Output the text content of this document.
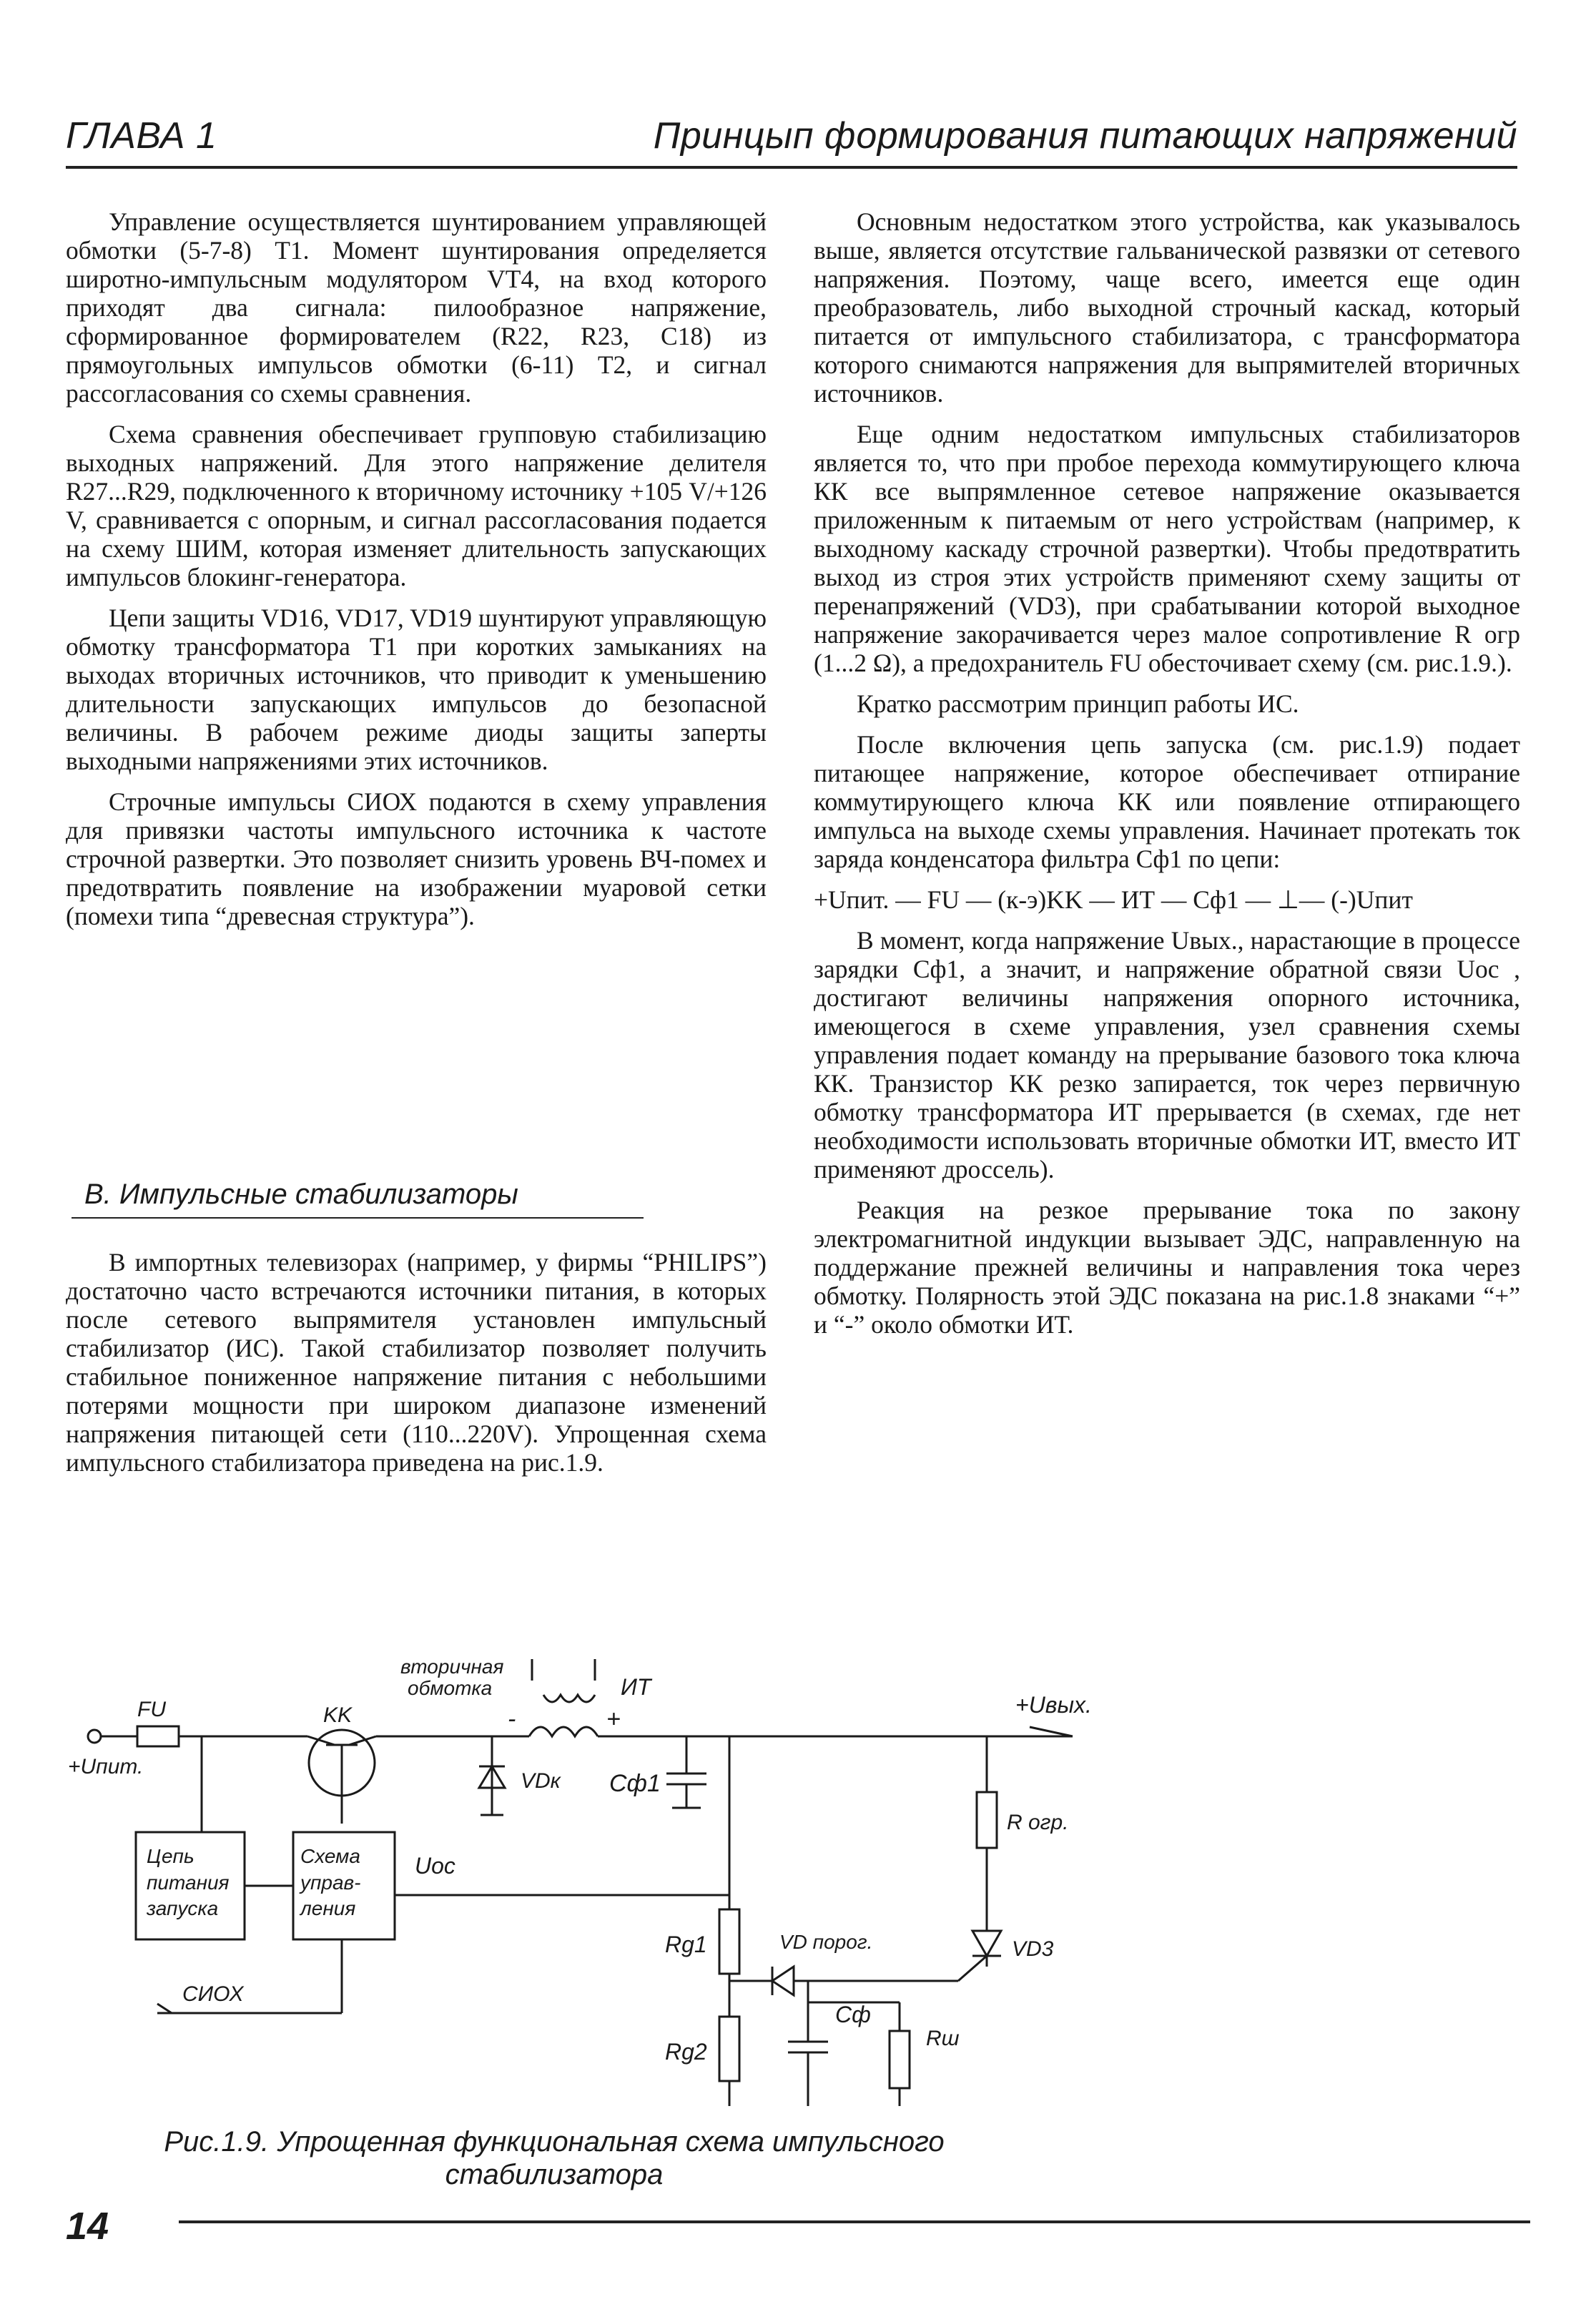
ГЛАВА 1	Принцып формирования питающих напряжений

Управление осуществляется шунтированием управляющей обмотки (5-7-8) T1. Момент шунтирования определяется широтно-импульсным модулятором VT4, на вход которого приходят два сигнала: пилообразное напряжение, сформированное формирователем (R22, R23, C18) из прямоугольных импульсов обмотки (6-11) T2, и сигнал рассогласования со схемы сравнения.

Схема сравнения обеспечивает групповую стабилизацию выходных напряжений. Для этого напряжение делителя R27...R29, подключенного к вторичному источнику +105 V/+126 V, сравнивается с опорным, и сигнал рассогласования подается на схему ШИМ, которая изменяет длительность запускающих импульсов блокинг-генератора.

Цепи защиты VD16, VD17, VD19 шунтируют управляющую обмотку трансформатора T1 при коротких замыканиях на выходах вторичных источников, что приводит к уменьшению длительности запускающих импульсов до безопасной величины. В рабочем режиме диоды защиты заперты выходными напряжениями этих источников.

Строчные импульсы СИОХ подаются в схему управления для привязки частоты импульсного источника к частоте строчной развертки. Это позволяет снизить уровень ВЧ-помех и предотвратить появление на изображении муаровой сетки (помехи типа “древесная структура”).

B. Импульсные стабилизаторы

В импортных телевизорах (например, у фирмы “PHILIPS”) достаточно часто встречаются источники питания, в которых после сетевого выпрямителя установлен импульсный стабилизатор (ИС). Такой стабилизатор позволяет получить стабильное пониженное напряжение питания с небольшими потерями мощности при широком диапазоне изменений напряжения питающей сети (110...220V). Упрощенная схема импульсного стабилизатора приведена на рис.1.9.

Основным недостатком этого устройства, как указывалось выше, является отсутствие гальванической развязки от сетевого напряжения. Поэтому, чаще всего, имеется еще один преобразователь, либо выходной строчный каскад, который питается от импульсного стабилизатора, с трансформатора которого снимаются напряжения для выпрямителей вторичных источников.

Еще одним недостатком импульсных стабилизаторов является то, что при пробое перехода коммутирующего ключа КК все выпрямленное сетевое напряжение оказывается приложенным к питаемым от него устройствам (например, к выходному каскаду строчной развертки). Чтобы предотвратить выход из строя этих устройств применяют схему защиты от перенапряжений (VD3), при срабатывании которой выходное напряжение закорачивается через малое сопротивление R огр (1...2 Ω), а предохранитель FU обесточивает схему (см. рис.1.9.).

Кратко рассмотрим принцип работы ИС.

После включения цепь запуска (см. рис.1.9) подает питающее напряжение, которое обеспечивает отпирание коммутирующего ключа КК или появление отпирающего импульса на выходе схемы управления. Начинает протекать ток заряда конденсатора фильтра Cф1 по цепи:

+Uпит. — FU — (к-э)KK — ИТ — Cф1 — ⊥— (-)Uпит

В момент, когда напряжение Uвых., нарастающие в процессе зарядки Cф1, а значит, и напряжение обратной связи Uoc , достигают величины напряжения опорного источника, имеющегося в схеме управления, узел сравнения схемы управления подает команду на прерывание базового тока ключа КК. Транзистор КК резко запирается, ток через первичную обмотку трансформатора ИТ прерывается (в схемах, где нет необходимости использовать вторичные обмотки ИТ, вместо ИТ применяют дроссель).

Реакция на резкое прерывание тока по закону электромагнитной индукции вызывает ЭДС, направленную на поддержание прежней величины и направления тока через обмотку. Полярность этой ЭДС показана на рис.1.8 знаками “+” и “-” около обмотки ИТ.

вторичная
обмотка	ИТ
FU	KK	+Uвых.
+Uпит.
-	+
VDк Cф1
R огр.
Цепь
питания
запуска
Схема
управ-
ления
Uос
Rg1	VD порог.	VD3
СИОХ
Cф
Rg2
Rш
Рис.1.9. Упрощенная функциональная схема импульсного
стабилизатора
14
